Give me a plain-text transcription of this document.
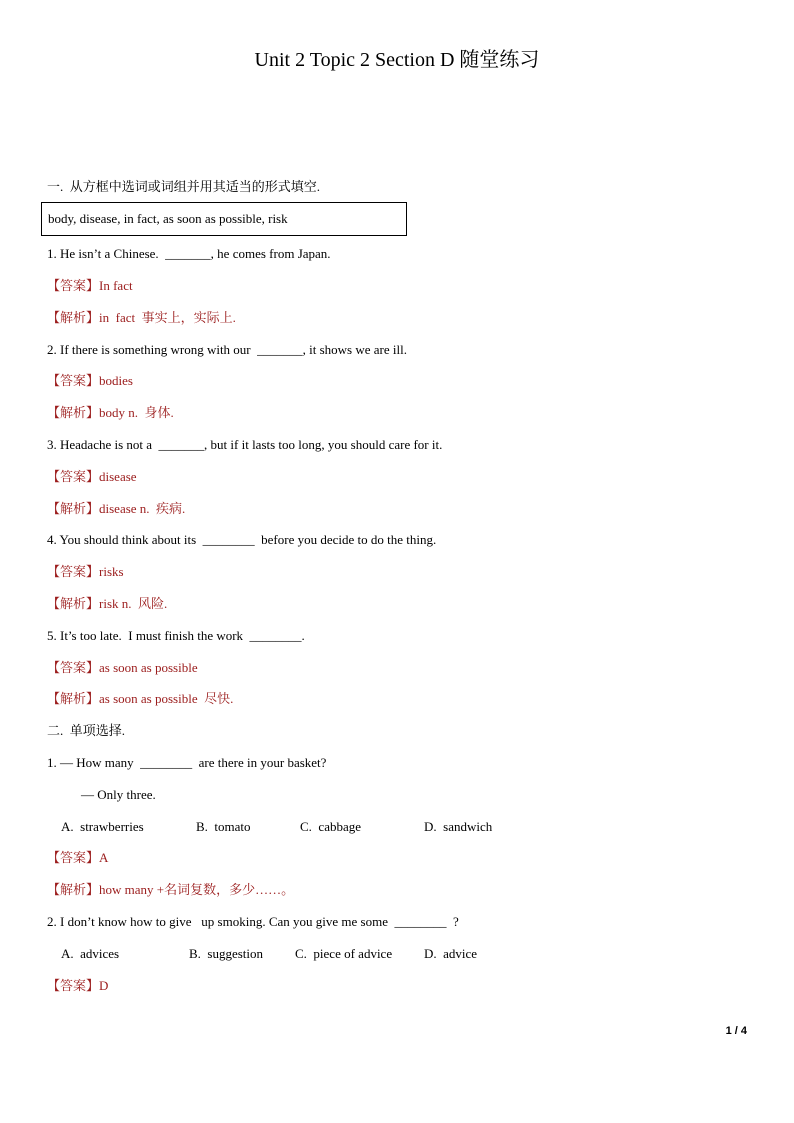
Unit 2 Topic 2 Section D 随堂练习
一.  从方框中选词或词组并用其适当的形式填空.
body, disease, in fact, as soon as possible, risk
1. He isn’t a Chinese.  _______, he comes from Japan.
【答案】In fact
【解析】in  fact  事实上，实际上.
2. If there is something wrong with our  _______, it shows we are ill.
【答案】bodies
【解析】body n.  身体.
3. Headache is not a  _______, but if it lasts too long, you should care for it.
【答案】disease
【解析】disease n.  疾病.
4. You should think about its  ________  before you decide to do the thing.
【答案】risks
【解析】risk n.  风险.
5. It’s too late.  I must finish the work  ________.
【答案】as soon as possible
【解析】as soon as possible  尽快.
二.  单项选择.
1. — How many  ________  are there in your basket?
— Only three.

A.  strawberries

	B.  tomato

	C.  cabbage

	D.  sandwich

【答案】A
【解析】how many +名词复数，多少……。
2. I don’t know how to give   up smoking. Can you give me some  ________  ?

A.  advices

	B.  suggestion

C.  piece of advice

D.  advice

【答案】D
1 / 4
